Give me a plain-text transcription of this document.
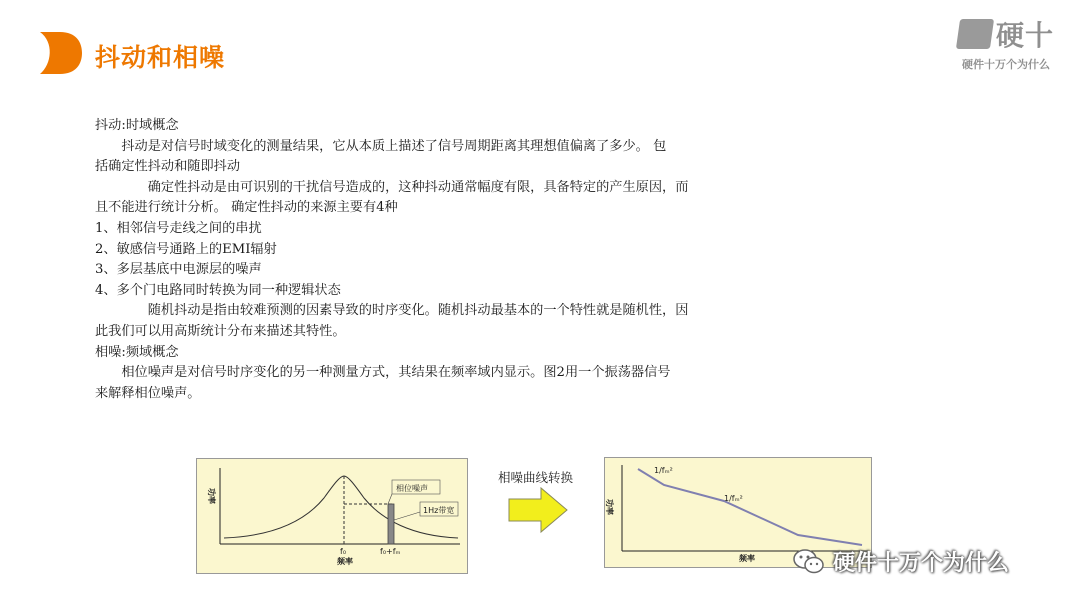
抖动和相噪
硬十
硬件十万个为什么
抖动:时域概念
　　抖动是对信号时域变化的测量结果，它从本质上描述了信号周期距离其理想值偏离了多少。 包
括确定性抖动和随即抖动
　　　　确定性抖动是由可识别的干扰信号造成的，这种抖动通常幅度有限，具备特定的产生原因，而
且不能进行统计分析。 确定性抖动的来源主要有4种
1、相邻信号走线之间的串扰
2、敏感信号通路上的EMI辐射
3、多层基底中电源层的噪声
4、多个门电路同时转换为同一种逻辑状态
　　　　随机抖动是指由较难预测的因素导致的时序变化。随机抖动最基本的一个特性就是随机性，因
此我们可以用高斯统计分布来描述其特性。
相噪:频域概念
　　相位噪声是对信号时序变化的另一种测量方式，其结果在频率域内显示。图2用一个振荡器信号
来解释相位噪声。
相位噪声
1Hz带宽
功率
f₀	f₀+fₘ
频率
相噪曲线转换	1/fₘ²
1/fₘ²
功率
频率	硬件十万个为什么
